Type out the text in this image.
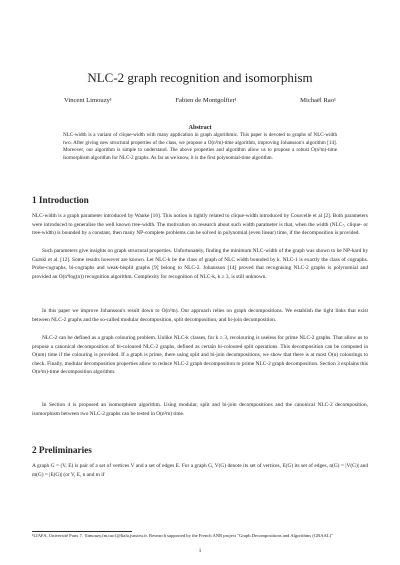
NLC-2 graph recognition and isomorphism
Vincent Limouzy¹	Fabien de Montgolfier¹	Michaël Rao¹
Abstract
NLC-width is a variant of clique-width with many application in graph algorithmic. This paper is devoted to graphs of NLC-width two. After giving new structural properties of the class, we propose a O(n²m)-time algorithm, improving Johansson's algorithm [14]. Moreover, our algorithm is simple to understand. The above properties and algorithm allow us to propose a robust O(n²m)-time isomorphism algorithm for NLC-2 graphs. As far as we know, it is the first polynomial-time algorithm.
1 Introduction
NLC-width is a graph parameter introduced by Wanke [16]. This notion is tightly related to clique-width introduced by Courcelle et al [2]. Both parameters were introduced to generalise the well known tree-width. The motivation on research about such width parameter is that, when the width (NLC-, clique- or tree-width) is bounded by a constant, then many NP-complete problems can be solved in polynomial (even linear) time, if the decomposition is provided.
Such parameters give insights on graph structural properties. Unfortunately, finding the minimum NLC-width of the graph was shown to be NP-hard by Gurski et al. [12]. Some results however are known. Let NLC-k be the class of graph of NLC width bounded by k. NLC-1 is exactly the class of cographs. Probe-cographs, bi-cographs and weak-bisplit graphs [9] belong to NLC-2. Johansson [14] proved that recognising NLC-2 graphs is polynomial and provided an O(n⁴log(n)) recognition algorithm. Complexity for recognition of NLC-k, k ≥ 3, is still unknown.
In this paper we improve Johansson's result down to O(n²m). Our approach relies on graph decompositions. We establish the tight links that exist between NLC-2 graphs and the so-called modular decomposition, split decomposition, and bi-join decomposition.
NLC-2 can be defined as a graph colouring problem. Unlike NLC-k classes, for k ≥ 3, recolouring is useless for prime NLC-2 graphs. That allow us to propose a canonical decomposition of bi-coloured NLC-2 graphs, defined as certain bi-coloured split operations. This decomposition can be computed in O(nm) time if the colouring is provided. If a graph is prime, there using split and bi-join decompositions, we show that there is at most O(n) colourings to check. Finally, modular decomposition properties allow to reduce NLC-2 graph decomposition to prime NLC-2 graph decomposition. Section 3 explains this O(n²m)-time decomposition algorithm.
In Section 4 is proposed an isomorphism algorithm. Using modular, split and bi-join decompositions and the canonical NLC-2 decomposition, isomorphism between two NLC-2 graphs can be tested in O(n²m) time.
2 Preliminaries
A graph G = (V, E) is pair of a set of vertices V and a set of edges E. For a graph G, V(G) denote its set of vertices, E(G) its set of edges, n(G) = |V(G)| and m(G) = |E(G)| (or V, E, n and m if
¹LIAFA, Université Paris 7. {limouzy,fm,rao}@liafa.jussieu.fr. Research supported by the French ANR project "Graph Decompositions and Algorithms (GRAAL)"
1
